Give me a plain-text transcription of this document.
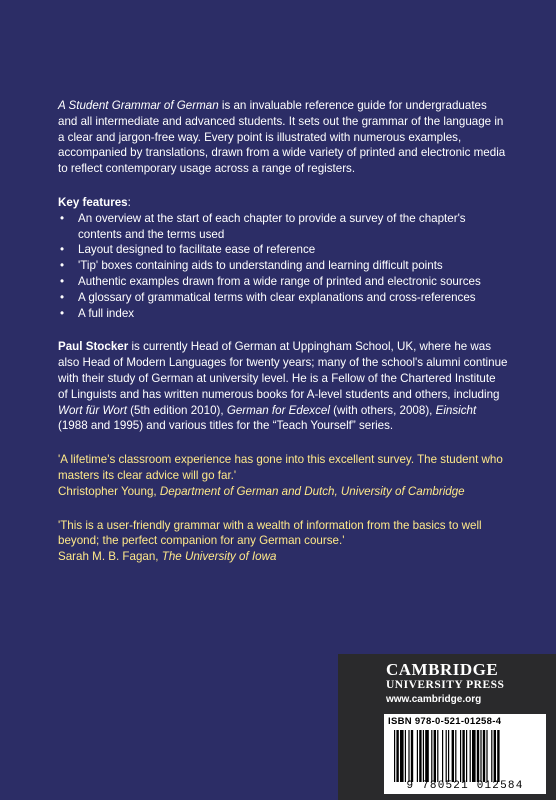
A Student Grammar of German is an invaluable reference guide for undergraduates and all intermediate and advanced students. It sets out the grammar of the language in a clear and jargon-free way. Every point is illustrated with numerous examples, accompanied by translations, drawn from a wide variety of printed and electronic media to reflect contemporary usage across a range of registers.

Key features:

• An overview at the start of each chapter to provide a survey of the chapter's contents and the terms used
• Layout designed to facilitate ease of reference
• 'Tip' boxes containing aids to understanding and learning difficult points
• Authentic examples drawn from a wide range of printed and electronic sources
• A glossary of grammatical terms with clear explanations and cross-references
• A full index

Paul Stocker is currently Head of German at Uppingham School, UK, where he was also Head of Modern Languages for twenty years; many of the school's alumni continue with their study of German at university level. He is a Fellow of the Chartered Institute of Linguists and has written numerous books for A-level students and others, including Wort für Wort (5th edition 2010), German for Edexcel (with others, 2008), Einsicht (1988 and 1995) and various titles for the “Teach Yourself” series.

'A lifetime's classroom experience has gone into this excellent survey. The student who masters its clear advice will go far.'
Christopher Young, Department of German and Dutch, University of Cambridge

'This is a user-friendly grammar with a wealth of information from the basics to well beyond; the perfect companion for any German course.'
Sarah M. B. Fagan, The University of Iowa

CAMBRIDGE
UNIVERSITY PRESS
www.cambridge.org
ISBN 978-0-521-01258-4
9 780521 012584
